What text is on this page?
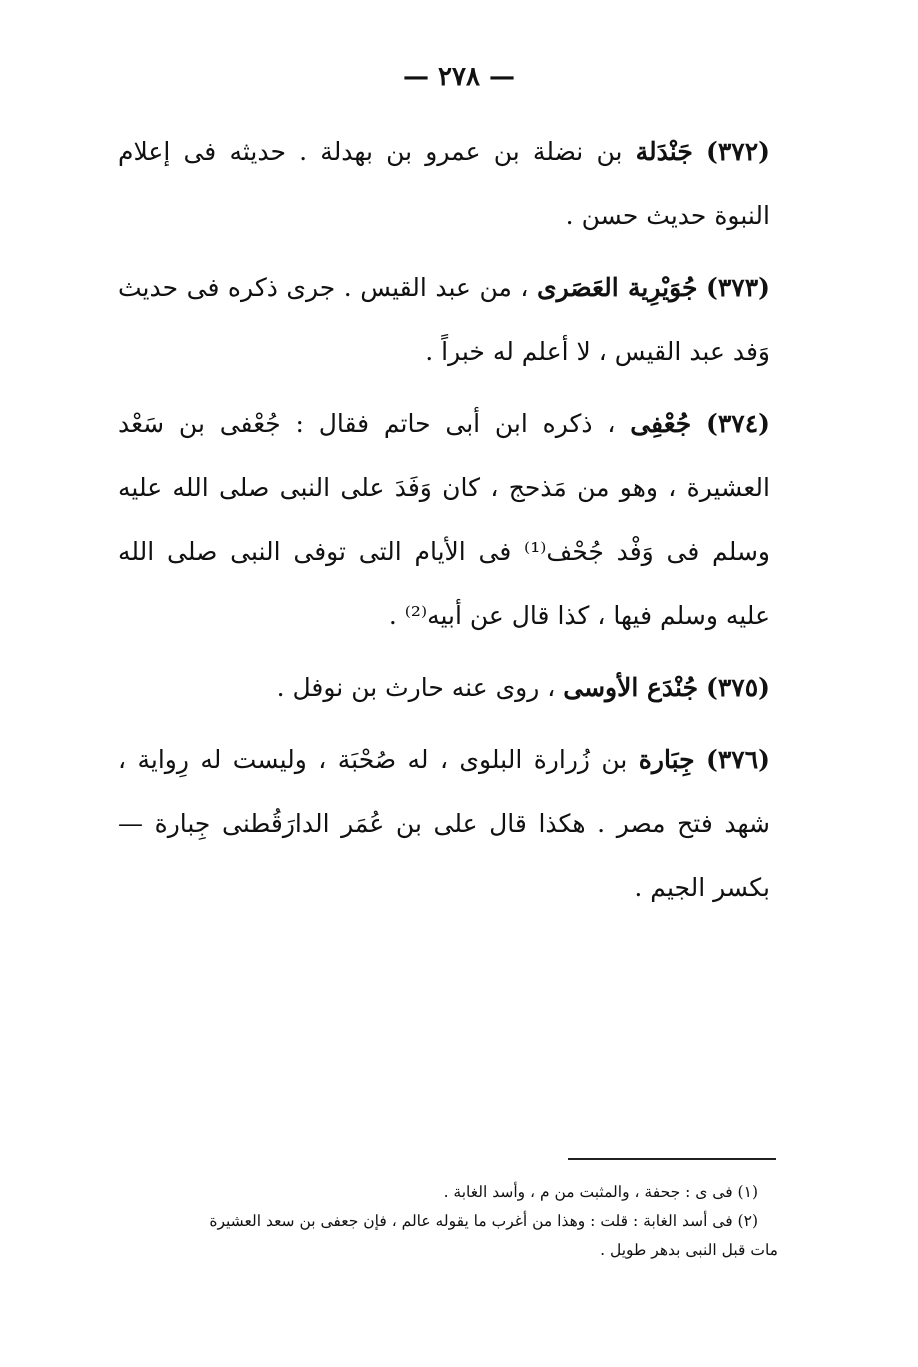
— ٢٧٨ —

(٣٧٢) جَنْدَلة بن نضلة بن عمرو بن بهدلة . حديثه فى إعلام النبوة حديث حسن .

(٣٧٣) جُوَيْرِية العَصَرى ، من عبد القيس . جرى ذكره فى حديث وَفد عبد القيس ، لا أعلم له خبراً .

(٣٧٤) جُعْفِى ، ذكره ابن أبى حاتم فقال : جُعْفى بن سَعْد العشيرة ، وهو من مَذحج ، كان وَفَدَ على النبى صلى الله عليه وسلم فى وَفْد جُحْف⁽¹⁾ فى الأيام التى توفى النبى صلى الله عليه وسلم فيها ، كذا قال عن أبيه⁽²⁾ .

(٣٧٥) جُنْدَع الأوسى ، روى عنه حارث بن نوفل .

(٣٧٦) جِبَارة بن زُرارة البلوى ، له صُحْبَة ، وليست له رِواية ، شهد فتح مصر . هكذا قال على بن عُمَر الدارَقُطنى جِبارة — بكسر الجيم .

(١) فى ى : جحفة ، والمثبت من م ، وأسد الغابة .

(٢) فى أسد الغابة : قلت : وهذا من أغرب ما يقوله عالم ، فإن جعفى بن سعد العشيرة

مات قبل النبى بدهر طويل .
